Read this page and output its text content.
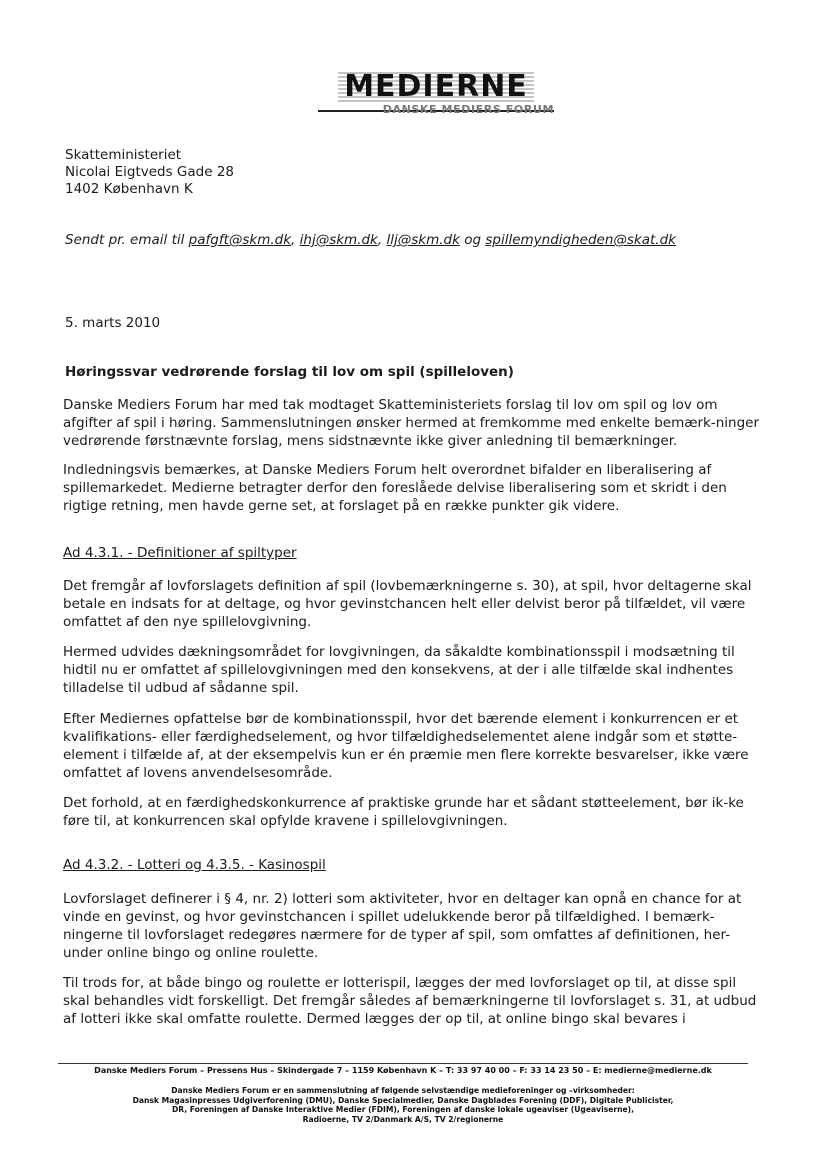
MEDIERNE
DANSKE MEDIERS FORUM
Skatteministeriet
Nicolai Eigtveds Gade 28
1402 København K
Sendt pr. email til pafgft@skm.dk, ihj@skm.dk, llj@skm.dk og spillemyndigheden@skat.dk
5. marts 2010
Høringssvar vedrørende forslag til lov om spil (spilleloven)

Danske Mediers Forum har med tak modtaget Skatteministeriets forslag til lov om spil og lov om afgifter af spil i høring. Sammenslutningen ønsker hermed at fremkomme med enkelte bemærk-ninger vedrørende førstnævnte forslag, mens sidstnævnte ikke giver anledning til bemærkninger.

Indledningsvis bemærkes, at Danske Mediers Forum helt overordnet bifalder en liberalisering af spillemarkedet. Medierne betragter derfor den foreslåede delvise liberalisering som et skridt i den rigtige retning, men havde gerne set, at forslaget på en række punkter gik videre.

Ad 4.3.1. - Definitioner af spiltyper

Det fremgår af lovforslagets definition af spil (lovbemærkningerne s. 30), at spil, hvor deltagerne skal betale en indsats for at deltage, og hvor gevinstchancen helt eller delvist beror på tilfældet, vil være omfattet af den nye spillelovgivning.

Hermed udvides dækningsområdet for lovgivningen, da såkaldte kombinationsspil i modsætning til hidtil nu er omfattet af spillelovgivningen med den konsekvens, at der i alle tilfælde skal indhentes tilladelse til udbud af sådanne spil.

Efter Mediernes opfattelse bør de kombinationsspil, hvor det bærende element i konkurrencen er et kvalifikations- eller færdighedselement, og hvor tilfældighedselementet alene indgår som et støtte-element i tilfælde af, at der eksempelvis kun er én præmie men flere korrekte besvarelser, ikke være omfattet af lovens anvendelsesområde.

Det forhold, at en færdighedskonkurrence af praktiske grunde har et sådant støtteelement, bør ik-ke føre til, at konkurrencen skal opfylde kravene i spillelovgivningen.

Ad 4.3.2. - Lotteri og 4.3.5. - Kasinospil

Lovforslaget definerer i § 4, nr. 2) lotteri som aktiviteter, hvor en deltager kan opnå en chance for at vinde en gevinst, og hvor gevinstchancen i spillet udelukkende beror på tilfældighed. I bemærk-ningerne til lovforslaget redegøres nærmere for de typer af spil, som omfattes af definitionen, her-under online bingo og online roulette.

Til trods for, at både bingo og roulette er lotterispil, lægges der med lovforslaget op til, at disse spil skal behandles vidt forskelligt. Det fremgår således af bemærkningerne til lovforslaget s. 31, at udbud af lotteri ikke skal omfatte roulette. Dermed lægges der op til, at online bingo skal bevares i

Danske Mediers Forum – Pressens Hus – Skindergade 7 – 1159 København K – T: 33 97 40 00 – F: 33 14 23 50 – E: medierne@medierne.dk
Danske Mediers Forum er en sammenslutning af følgende selvstændige medieforeninger og –virksomheder:
Dansk Magasinpresses Udgiverforening (DMU), Danske Specialmedier, Danske Dagblades Forening (DDF), Digitale Publicister,
DR, Foreningen af Danske Interaktive Medier (FDIM), Foreningen af danske lokale ugeaviser (Ugeaviserne),
Radioerne, TV 2/Danmark A/S, TV 2/regionerne
